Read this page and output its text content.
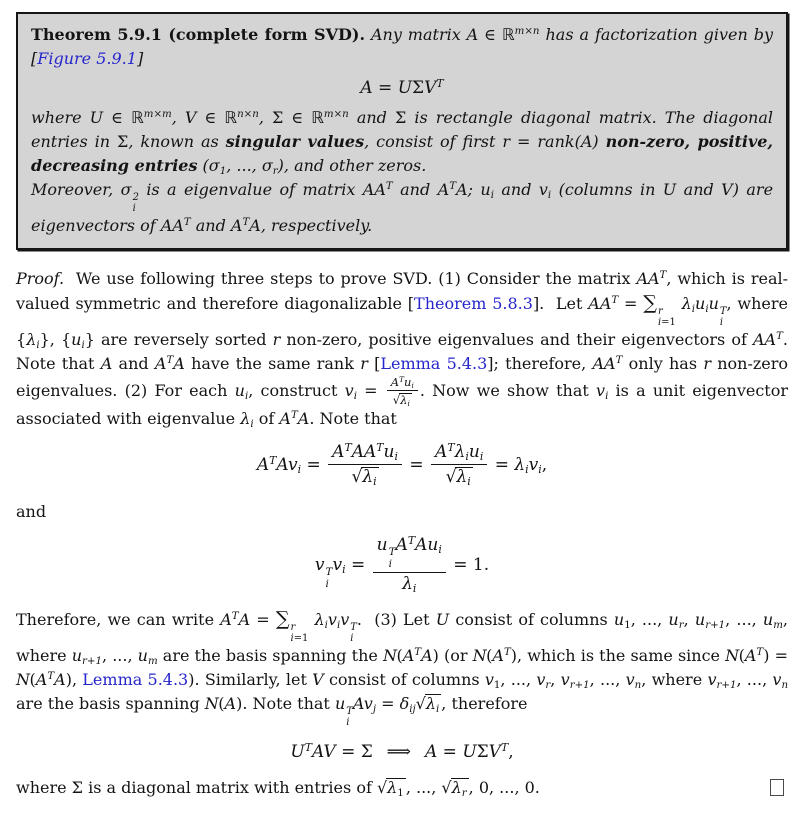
Theorem 5.9.1 (complete form SVD). Any matrix A ∈ ℝ$^{m\times n}$ has a factorization given by [Figure 5.9.1]

$A = U\Sigma V^T$

where U ∈ ℝ$^{m\times m}$, V ∈ ℝ$^{n\times n}$, Σ ∈ ℝ$^{m\times n}$ and Σ is rectangle diagonal matrix. The diagonal entries in Σ, known as singular values, consist of first r = rank(A) non-zero, positive, decreasing entries ($\sigma_1$, ..., $\sigma_r$), and other zeros.

Moreover, σ 2
i
is a eigenvalue of matrix $AA^T$ and $A^TA$; $u_i$ and $v_i$ (columns in U and V) are eigenvectors of $AA^T$ and $A^TA$, respectively.

Proof.  We use following three steps to prove SVD. (1) Consider the matrix $AA^T$, which is real-valued symmetric and therefore diagonalizable [Theorem 5.8.3].  Let $AA^T$ = ∑ r
i=1
$\lambda_iu_iu$ T
i
, where $\{\lambda_i\}$, $\{u_i\}$ are reversely sorted r non-zero, positive eigenvalues and their eigenvectors of $AA^T$. Note that A and $A^TA$ have the same rank r [Lemma 5.4.3]; therefore, $AA^T$ only has r non-zero eigenvalues. (2) For each $u_i$, construct $v_i = \frac{A^Tu_i}{√\lambda_i}$ . Now we show that $v_i$ is a unit eigenvector associated with eigenvalue $\lambda_i$ of $A^TA$. Note that

$A^TAv_i = \frac{A^TAA^Tu_i}{√\lambda_i} = \frac{A^T\lambda_iu_i}{√\lambda_i} = \lambda_iv_i$,

and

v T
i
$v_i = u$ T
i
$A^TAu_i$
$\lambda_i = 1$.

Therefore, we can write $A^TA$ = ∑ r
i=1
$\lambda_iv_iv$ T
i
.  (3) Let U consist of columns $u_1$, ..., $u_r$, $u_{r+1}$, ..., $u_m$, where $u_{r+1}$, ..., $u_m$ are the basis spanning the $N(A^TA)$ (or $N(A^T)$, which is the same since $N(A^T) = N(A^TA)$, Lemma 5.4.3). Similarly, let V consist of columns $v_1$, ..., $v_r$, $v_{r+1}$, ..., $v_n$, where $v_{r+1}$, ..., $v_n$ are the basis spanning N(A). Note that u T
i
$Av_j = \delta_{ij}√\lambda_i$ , therefore

$U^TAV = \Sigma$  ⟹  $A = U\Sigma V^T$,
where Σ is a diagonal matrix with entries of $√\lambda_1$ , ..., $√\lambda_r$ , 0, ..., 0.
